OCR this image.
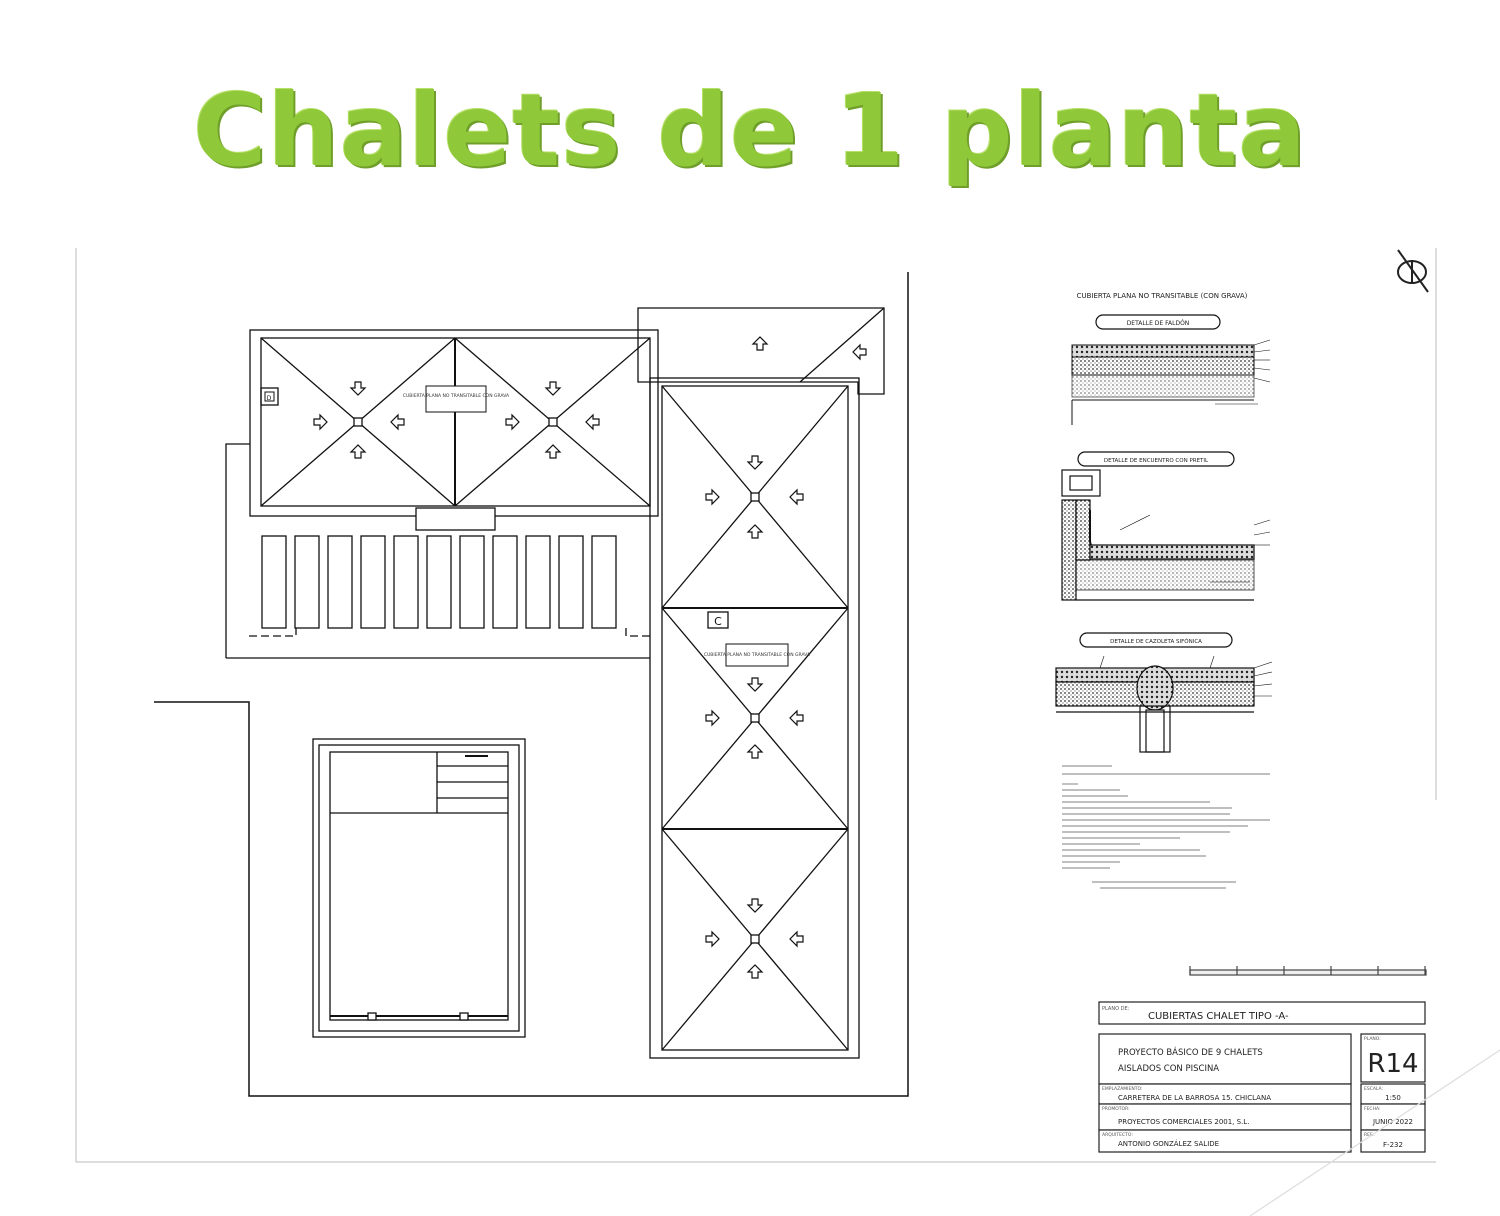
Chalets de 1 planta
D	CUBIERTA PLANA NO TRANSITABLE CON GRAVA
C
CUBIERTA PLANA NO TRANSITABLE CON GRAVA
CUBIERTA PLANA NO TRANSITABLE (CON GRAVA)
DETALLE DE FALDÓN
DETALLE DE ENCUENTRO CON PRETIL
DETALLE DE CAZOLETA SIFÓNICA
PLANO DE:
CUBIERTAS CHALET TIPO -A-
PROYECTO BÁSICO DE 9 CHALETS
AISLADOS CON PISCINA
EMPLAZAMIENTO:
CARRETERA DE LA BARROSA 15. CHICLANA
PROMOTOR:
PROYECTOS COMERCIALES 2001, S.L.
ARQUITECTO:
ANTONIO GONZÁLEZ SALIDE
PLANO:
R14
ESCALA:
1:50
FECHA:
JUNIO 2022
REF.:
F-232
